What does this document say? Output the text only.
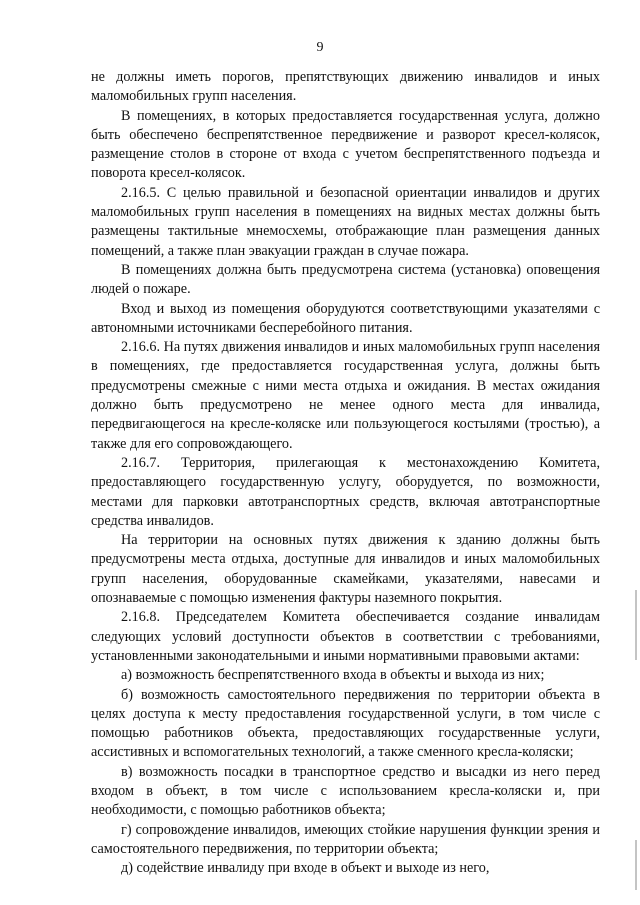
9

не должны иметь порогов, препятствующих движению инвалидов и иных маломобильных групп населения.

В помещениях, в которых предоставляется государственная услуга, должно быть обеспечено беспрепятственное передвижение и разворот кресел-колясок, размещение столов в стороне от входа с учетом беспрепятственного подъезда и поворота кресел-колясок.

2.16.5. С целью правильной и безопасной ориентации инвалидов и других маломобильных групп населения в помещениях на видных местах должны быть размещены тактильные мнемосхемы, отображающие план размещения данных помещений, а также план эвакуации граждан в случае пожара.

В помещениях должна быть предусмотрена система (установка) оповещения людей о пожаре.

Вход и выход из помещения оборудуются соответствующими указателями с автономными источниками бесперебойного питания.

2.16.6. На путях движения инвалидов и иных маломобильных групп населения в помещениях, где предоставляется государственная услуга, должны быть предусмотрены смежные с ними места отдыха и ожидания. В местах ожидания должно быть предусмотрено не менее одного места для инвалида, передвигающегося на кресле-коляске или пользующегося костылями (тростью), а также для его сопровождающего.

2.16.7. Территория, прилегающая к местонахождению Комитета, предоставляющего государственную услугу, оборудуется, по возможности, местами для парковки автотранспортных средств, включая автотранспортные средства инвалидов.

На территории на основных путях движения к зданию должны быть предусмотрены места отдыха, доступные для инвалидов и иных маломобильных групп населения, оборудованные скамейками, указателями, навесами и опознаваемые с помощью изменения фактуры наземного покрытия.

2.16.8. Председателем Комитета обеспечивается создание инвалидам следующих условий доступности объектов в соответствии с требованиями, установленными законодательными и иными нормативными правовыми актами:

а) возможность беспрепятственного входа в объекты и выхода из них;

б) возможность самостоятельного передвижения по территории объекта в целях доступа к месту предоставления государственной услуги, в том числе с помощью работников объекта, предоставляющих государственные услуги, ассистивных и вспомогательных технологий, а также сменного кресла-коляски;

в) возможность посадки в транспортное средство и высадки из него перед входом в объект, в том числе с использованием кресла-коляски и, при необходимости, с помощью работников объекта;

г) сопровождение инвалидов, имеющих стойкие нарушения функции зрения и самостоятельного передвижения, по территории объекта;

д) содействие инвалиду при входе в объект и выходе из него,
